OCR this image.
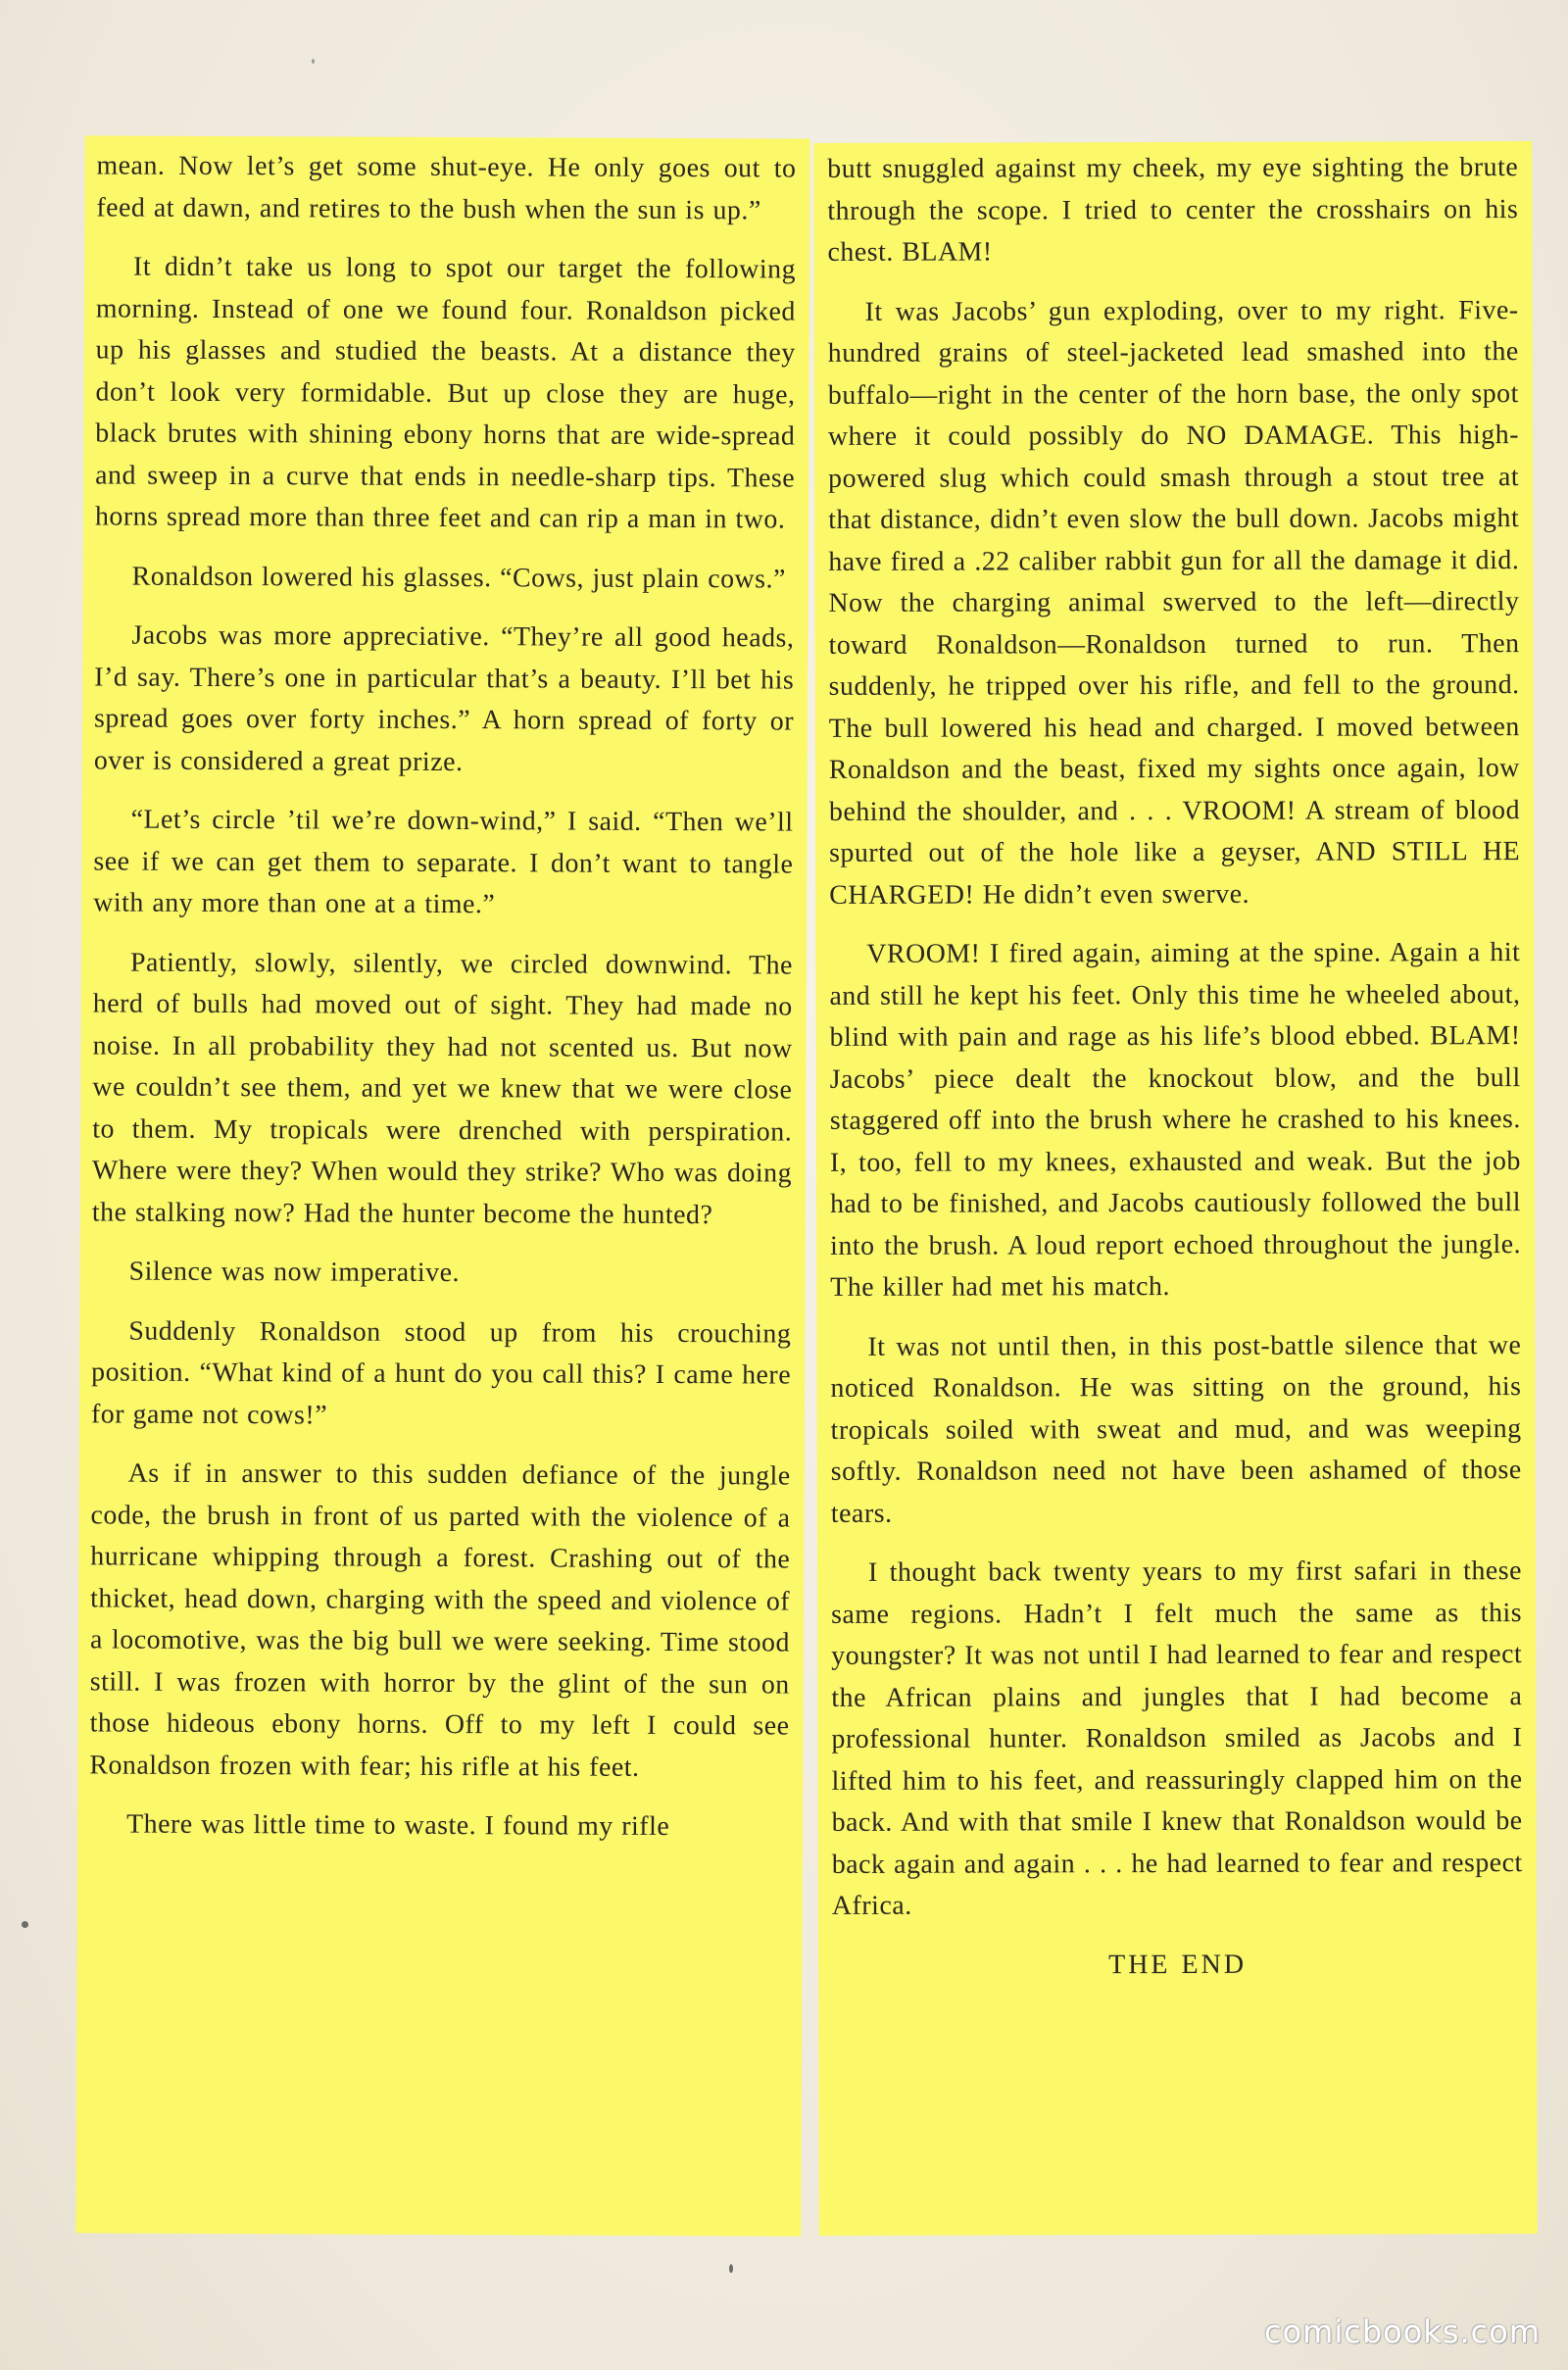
mean. Now let’s get some shut-eye. He only goes out to feed at dawn, and retires to the bush when the sun is up.”

It didn’t take us long to spot our target the following morning. Instead of one we found four. Ronaldson picked up his glasses and studied the beasts. At a distance they don’t look very formidable. But up close they are huge, black brutes with shining ebony horns that are wide-spread and sweep in a curve that ends in needle-sharp tips. These horns spread more than three feet and can rip a man in two.

Ronaldson lowered his glasses. “Cows, just plain cows.”

Jacobs was more appreciative. “They’re all good heads, I’d say. There’s one in particular that’s a beauty. I’ll bet his spread goes over forty inches.” A horn spread of forty or over is considered a great prize.

“Let’s circle ’til we’re down-wind,” I said. “Then we’ll see if we can get them to separate. I don’t want to tangle with any more than one at a time.”

Patiently, slowly, silently, we circled downwind. The herd of bulls had moved out of sight. They had made no noise. In all probability they had not scented us. But now we couldn’t see them, and yet we knew that we were close to them. My tropicals were drenched with perspiration. Where were they? When would they strike? Who was doing the stalking now? Had the hunter become the hunted?

Silence was now imperative.

Suddenly Ronaldson stood up from his crouching position. “What kind of a hunt do you call this? I came here for game not cows!”

As if in answer to this sudden defiance of the jungle code, the brush in front of us parted with the violence of a hurricane whipping through a forest. Crashing out of the thicket, head down, charging with the speed and violence of a locomotive, was the big bull we were seeking. Time stood still. I was frozen with horror by the glint of the sun on those hideous ebony horns. Off to my left I could see Ronaldson frozen with fear; his rifle at his feet.

There was little time to waste. I found my rifle

butt snuggled against my cheek, my eye sighting the brute through the scope. I tried to center the crosshairs on his chest. BLAM!

It was Jacobs’ gun exploding, over to my right. Five-hundred grains of steel-jacketed lead smashed into the buffalo—right in the center of the horn base, the only spot where it could possibly do NO DAMAGE. This high-powered slug which could smash through a stout tree at that distance, didn’t even slow the bull down. Jacobs might have fired a .22 caliber rabbit gun for all the damage it did. Now the charging animal swerved to the left—directly toward Ronaldson—Ronaldson turned to run. Then suddenly, he tripped over his rifle, and fell to the ground. The bull lowered his head and charged. I moved between Ronaldson and the beast, fixed my sights once again, low behind the shoulder, and . . . VROOM! A stream of blood spurted out of the hole like a geyser, AND STILL HE CHARGED! He didn’t even swerve.

VROOM! I fired again, aiming at the spine. Again a hit and still he kept his feet. Only this time he wheeled about, blind with pain and rage as his life’s blood ebbed. BLAM! Jacobs’ piece dealt the knockout blow, and the bull staggered off into the brush where he crashed to his knees. I, too, fell to my knees, exhausted and weak. But the job had to be finished, and Jacobs cautiously followed the bull into the brush. A loud report echoed throughout the jungle. The killer had met his match.

It was not until then, in this post-battle silence that we noticed Ronaldson. He was sitting on the ground, his tropicals soiled with sweat and mud, and was weeping softly. Ronaldson need not have been ashamed of those tears.

I thought back twenty years to my first safari in these same regions. Hadn’t I felt much the same as this youngster? It was not until I had learned to fear and respect the African plains and jungles that I had become a professional hunter. Ronaldson smiled as Jacobs and I lifted him to his feet, and reassuringly clapped him on the back. And with that smile I knew that Ronaldson would be back again and again . . . he had learned to fear and respect Africa.

THE END
comicbooks.com
